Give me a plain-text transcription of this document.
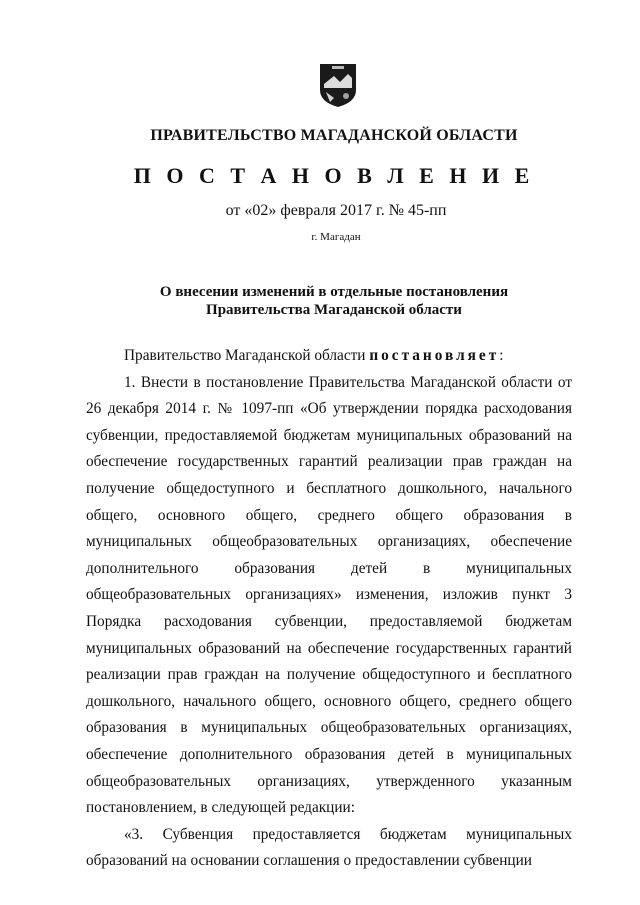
ПРАВИТЕЛЬСТВО МАГАДАНСКОЙ ОБЛАСТИ
П О С Т А Н О В Л Е Н И Е
от «02» февраля 2017 г. № 45-пп
г. Магадан
О внесении изменений в отдельные постановления
Правительства Магаданской области

Правительство Магаданской области постановляет:

1. Внести в постановление Правительства Магаданской области от 26 декабря 2014 г. № 1097-пп «Об утверждении порядка расходования субвенции, предоставляемой бюджетам муниципальных образований на обеспечение государственных гарантий реализации прав граждан на получение общедоступного и бесплатного дошкольного, начального общего, основного общего, среднего общего образования в муниципальных общеобразовательных организациях, обеспечение дополнительного образования детей в муниципальных общеобразовательных организациях» изменения, изложив пункт 3 Порядка расходования субвенции, предоставляемой бюджетам муниципальных образований на обеспечение государственных гарантий реализации прав граждан на получение общедоступного и бесплатного дошкольного, начального общего, основного общего, среднего общего образования в муниципальных общеобразовательных организациях, обеспечение дополнительного образования детей в муниципальных общеобразовательных организациях, утвержденного указанным постановлением, в следующей редакции:

«3. Субвенция предоставляется бюджетам муниципальных образований на основании соглашения о предоставлении субвенции
